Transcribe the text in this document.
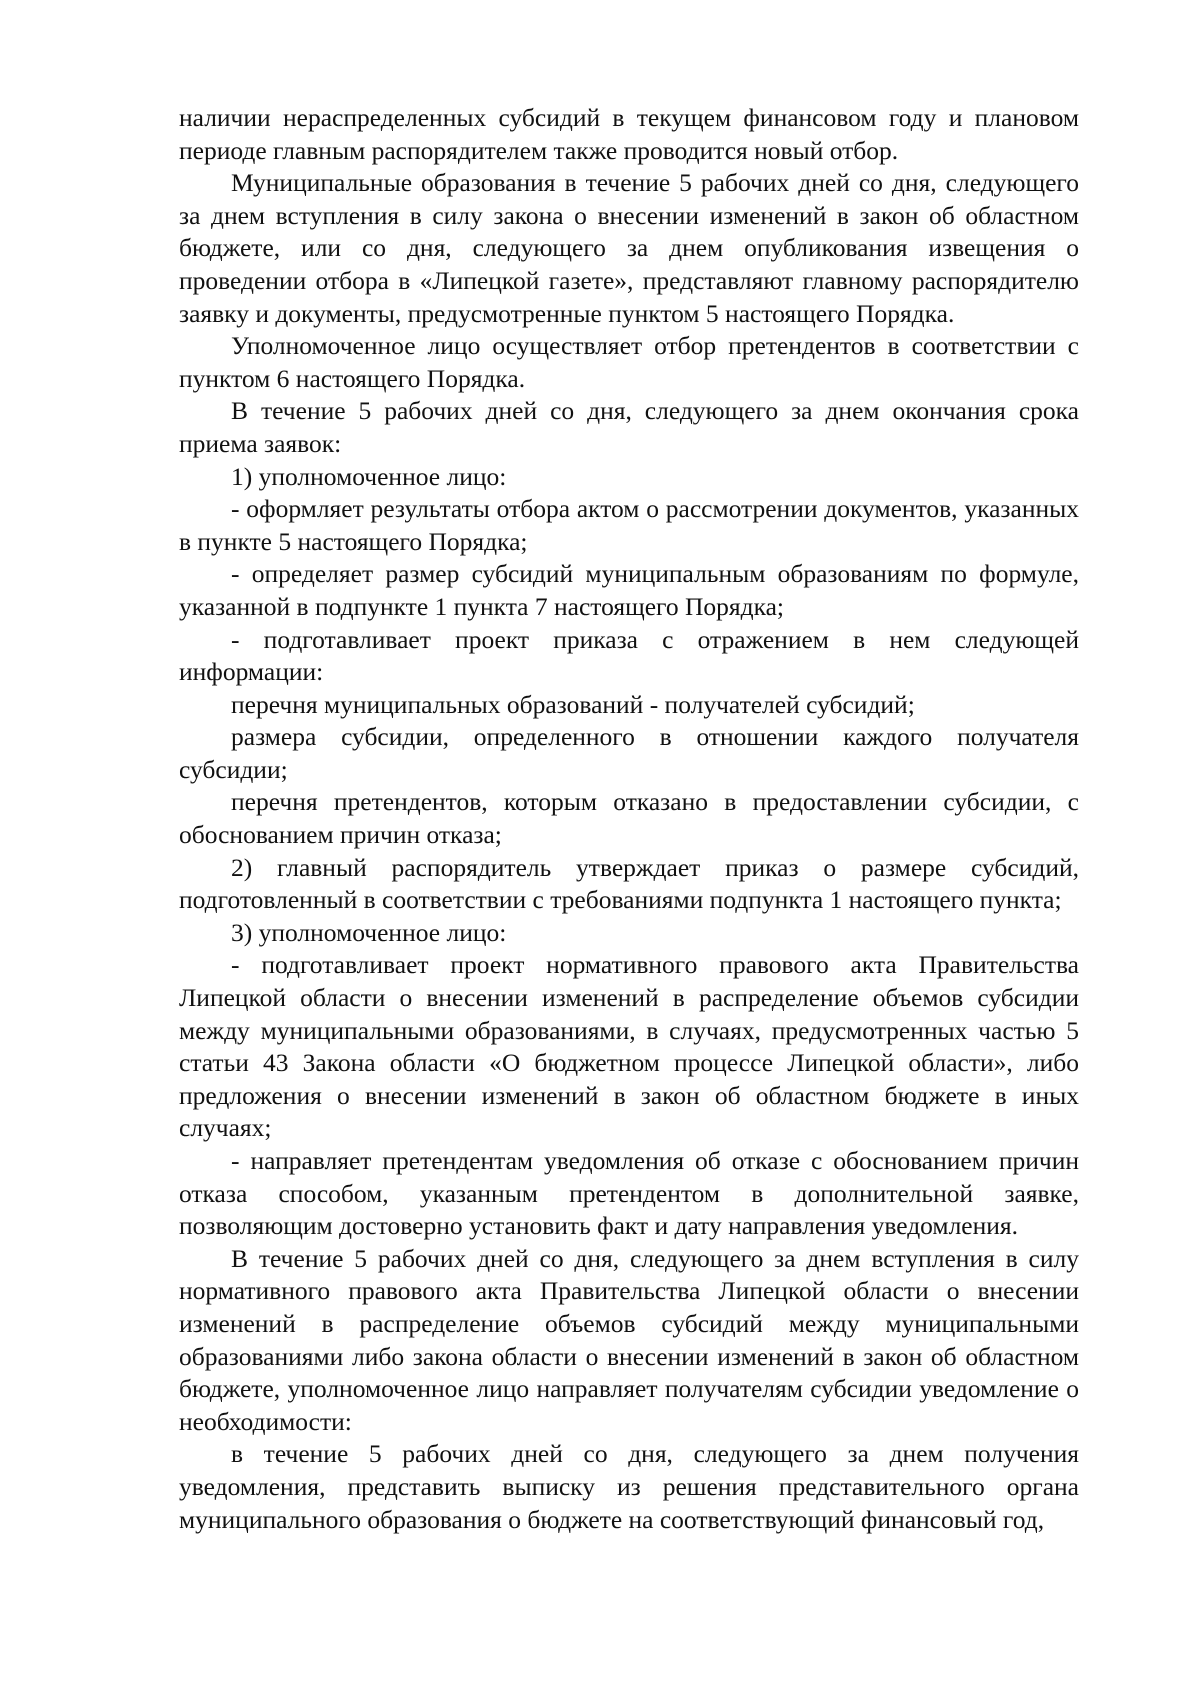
наличии нераспределенных субсидий в текущем финансовом году и плановом периоде главным распорядителем также проводится новый отбор.

Муниципальные образования в течение 5 рабочих дней со дня, следующего за днем вступления в силу закона о внесении изменений в закон об областном бюджете, или со дня, следующего за днем опубликования извещения о проведении отбора в «Липецкой газете», представляют главному распорядителю заявку и документы, предусмотренные пунктом 5 настоящего Порядка.

Уполномоченное лицо осуществляет отбор претендентов в соответствии с пунктом 6 настоящего Порядка.

В течение 5 рабочих дней со дня, следующего за днем окончания срока приема заявок:

1) уполномоченное лицо:

- оформляет результаты отбора актом о рассмотрении документов, указанных в пункте 5 настоящего Порядка;

- определяет размер субсидий муниципальным образованиям по формуле, указанной в подпункте 1 пункта 7 настоящего Порядка;

- подготавливает проект приказа с отражением в нем следующей информации:

перечня муниципальных образований - получателей субсидий;

размера субсидии, определенного в отношении каждого получателя субсидии;

перечня претендентов, которым отказано в предоставлении субсидии, с обоснованием причин отказа;

2) главный распорядитель утверждает приказ о размере субсидий, подготовленный в соответствии с требованиями подпункта 1 настоящего пункта;

3) уполномоченное лицо:

- подготавливает проект нормативного правового акта Правительства Липецкой области о внесении изменений в распределение объемов субсидии между муниципальными образованиями, в случаях, предусмотренных частью 5 статьи 43 Закона области «О бюджетном процессе Липецкой области», либо предложения о внесении изменений в закон об областном бюджете в иных случаях;

- направляет претендентам уведомления об отказе с обоснованием причин отказа способом, указанным претендентом в дополнительной заявке, позволяющим достоверно установить факт и дату направления уведомления.

В течение 5 рабочих дней со дня, следующего за днем вступления в силу нормативного правового акта Правительства Липецкой области о внесении изменений в распределение объемов субсидий между муниципальными образованиями либо закона области о внесении изменений в закон об областном бюджете, уполномоченное лицо направляет получателям субсидии уведомление о необходимости:

в течение 5 рабочих дней со дня, следующего за днем получения уведомления, представить выписку из решения представительного органа муниципального образования о бюджете на соответствующий финансовый год,
